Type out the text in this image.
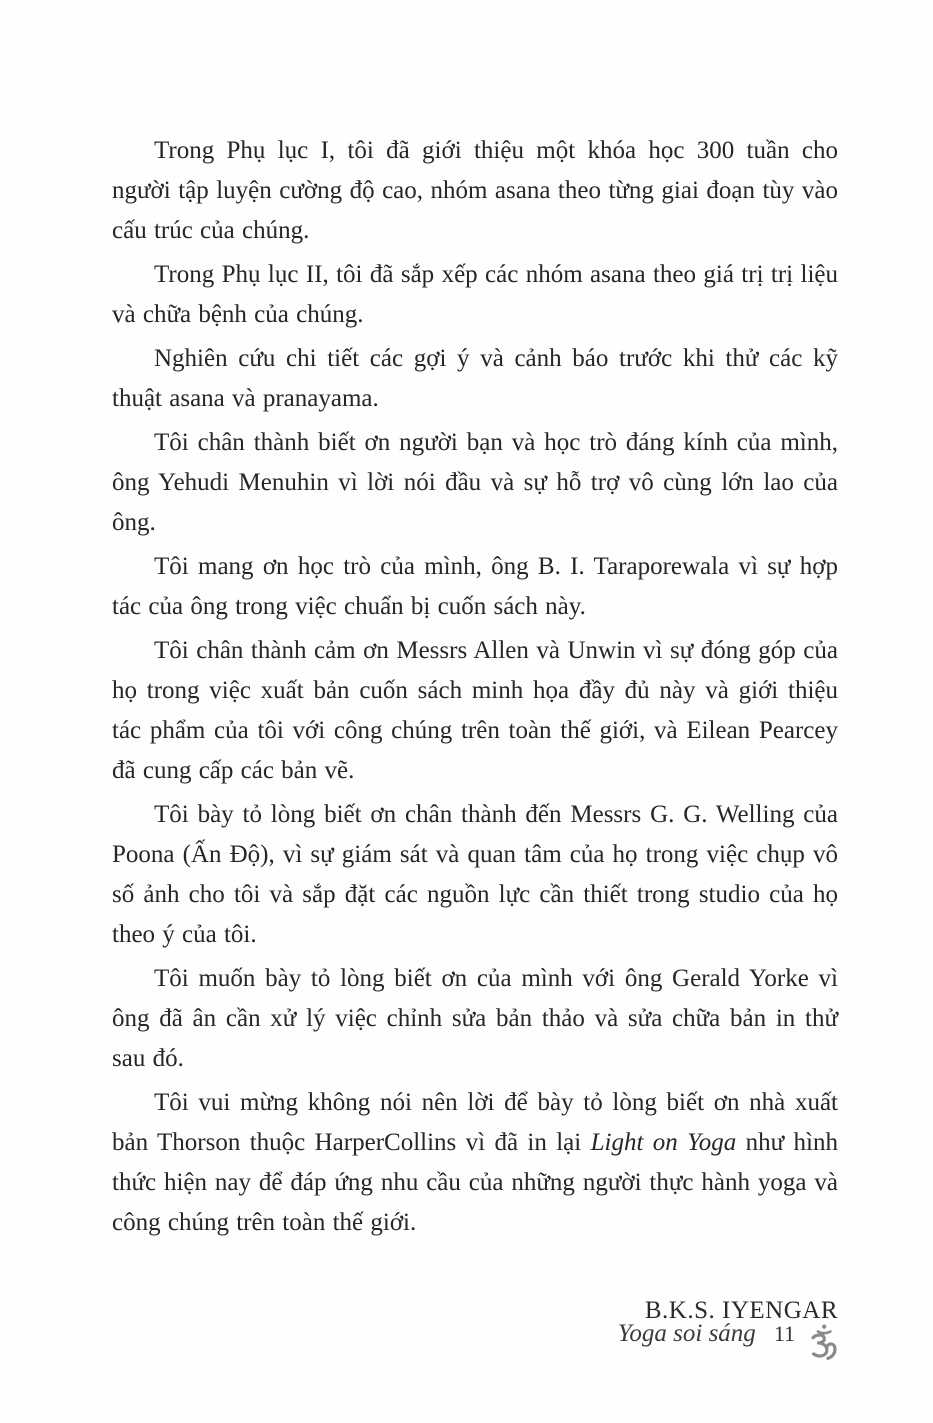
Trong Phụ lục I, tôi đã giới thiệu một khóa học 300 tuần cho người tập luyện cường độ cao, nhóm asana theo từng giai đoạn tùy vào cấu trúc của chúng.

Trong Phụ lục II, tôi đã sắp xếp các nhóm asana theo giá trị trị liệu và chữa bệnh của chúng.

Nghiên cứu chi tiết các gợi ý và cảnh báo trước khi thử các kỹ thuật asana và pranayama.

Tôi chân thành biết ơn người bạn và học trò đáng kính của mình, ông Yehudi Menuhin vì lời nói đầu và sự hỗ trợ vô cùng lớn lao của ông.

Tôi mang ơn học trò của mình, ông B. I. Taraporewala vì sự hợp tác của ông trong việc chuẩn bị cuốn sách này.

Tôi chân thành cảm ơn Messrs Allen và Unwin vì sự đóng góp của họ trong việc xuất bản cuốn sách minh họa đầy đủ này và giới thiệu tác phẩm của tôi với công chúng trên toàn thế giới, và Eilean Pearcey đã cung cấp các bản vẽ.

Tôi bày tỏ lòng biết ơn chân thành đến Messrs G. G. Welling của Poona (Ấn Độ), vì sự giám sát và quan tâm của họ trong việc chụp vô số ảnh cho tôi và sắp đặt các nguồn lực cần thiết trong studio của họ theo ý của tôi.

Tôi muốn bày tỏ lòng biết ơn của mình với ông Gerald Yorke vì ông đã ân cần xử lý việc chỉnh sửa bản thảo và sửa chữa bản in thử sau đó.

Tôi vui mừng không nói nên lời để bày tỏ lòng biết ơn nhà xuất bản Thorson thuộc HarperCollins vì đã in lại Light on Yoga như hình thức hiện nay để đáp ứng nhu cầu của những người thực hành yoga và công chúng trên toàn thế giới.

B.K.S. IYENGAR
Yoga soi sáng 11
